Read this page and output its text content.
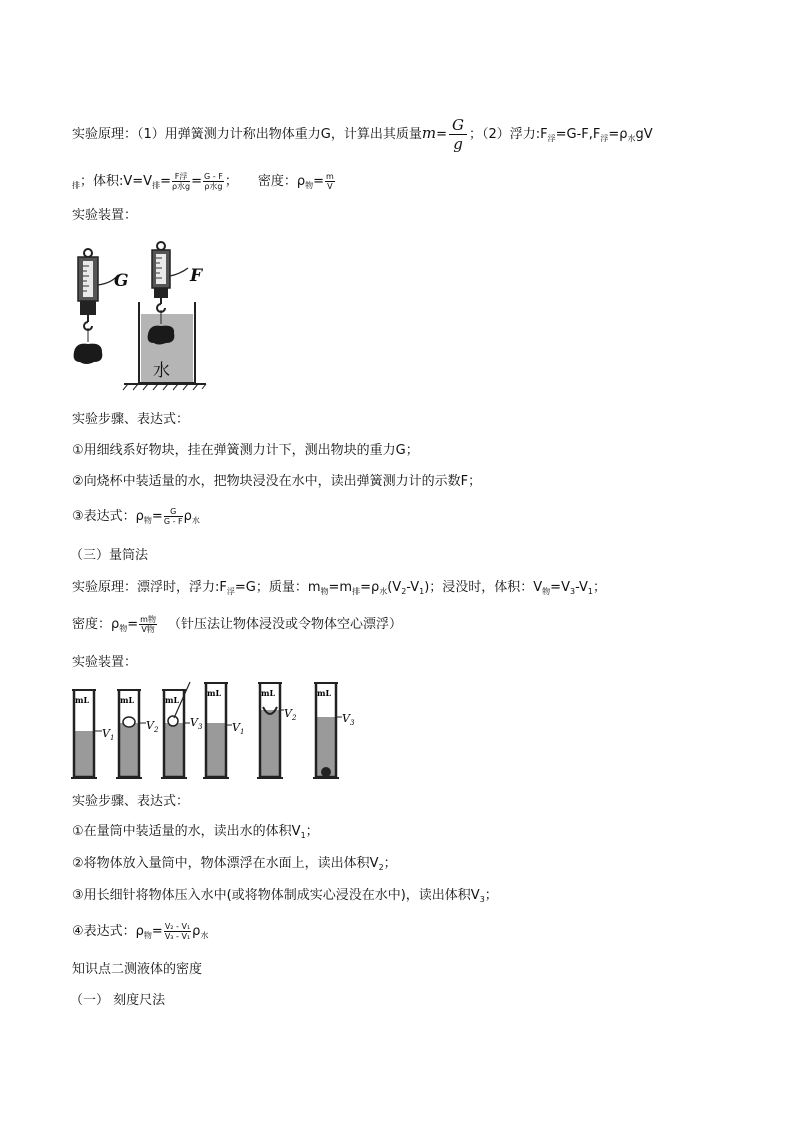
实验原理：（1）用弹簧测力计称出物体重力G，计算出其质量$m= \frac{G}{g}$ ；（2）浮力$:F_浮=G-F,F_浮=\rho_水gV$
$_排$；体积$:V=V_排= \frac{\text{F浮}}{\text{ρ水g}} = \frac{G - F}{\text{ρ水g}}$ ； 密度：$\rho_物= \frac{m}{V}$
实验装置：
G	F
水
实验步骤、表达式：
①用细线系好物块，挂在弹簧测力计下，测出物块的重力G；
②向烧杯中装适量的水，把物块浸没在水中，读出弹簧测力计的示数F；
③表达式：$\rho_物= \frac{G}{G - F} \rho_水$
（三）量筒法
实验原理：漂浮时，浮力$:F_浮=G$；质量：$m_物=m_排=\rho_水(V_2-V_1)$；浸没时，体积：$V_物=V_3-V_1$；
密度：$\rho_物= \frac{\text{m物}}{\text{V物}}$ （针压法让物体浸没或令物体空心漂浮）
实验装置：
mL
$V_1$
mL
$V_2$
mL
$V_3$
mL
$V_1$
mL
$V_2$
mL
$V_3$
实验步骤、表达式：
①在量筒中装适量的水，读出水的体积$V_1$；
②将物体放入量筒中，物体漂浮在水面上，读出体积$V_2$；
③用长细针将物体压入水中(或将物体制成实心浸没在水中)，读出体积$V_3$；
④表达式：$\rho_物= \frac{\text{V₂ - V₁}}{\text{V₃ - V₁}} \rho_水$
知识点二测液体的密度
（一） 刻度尺法
